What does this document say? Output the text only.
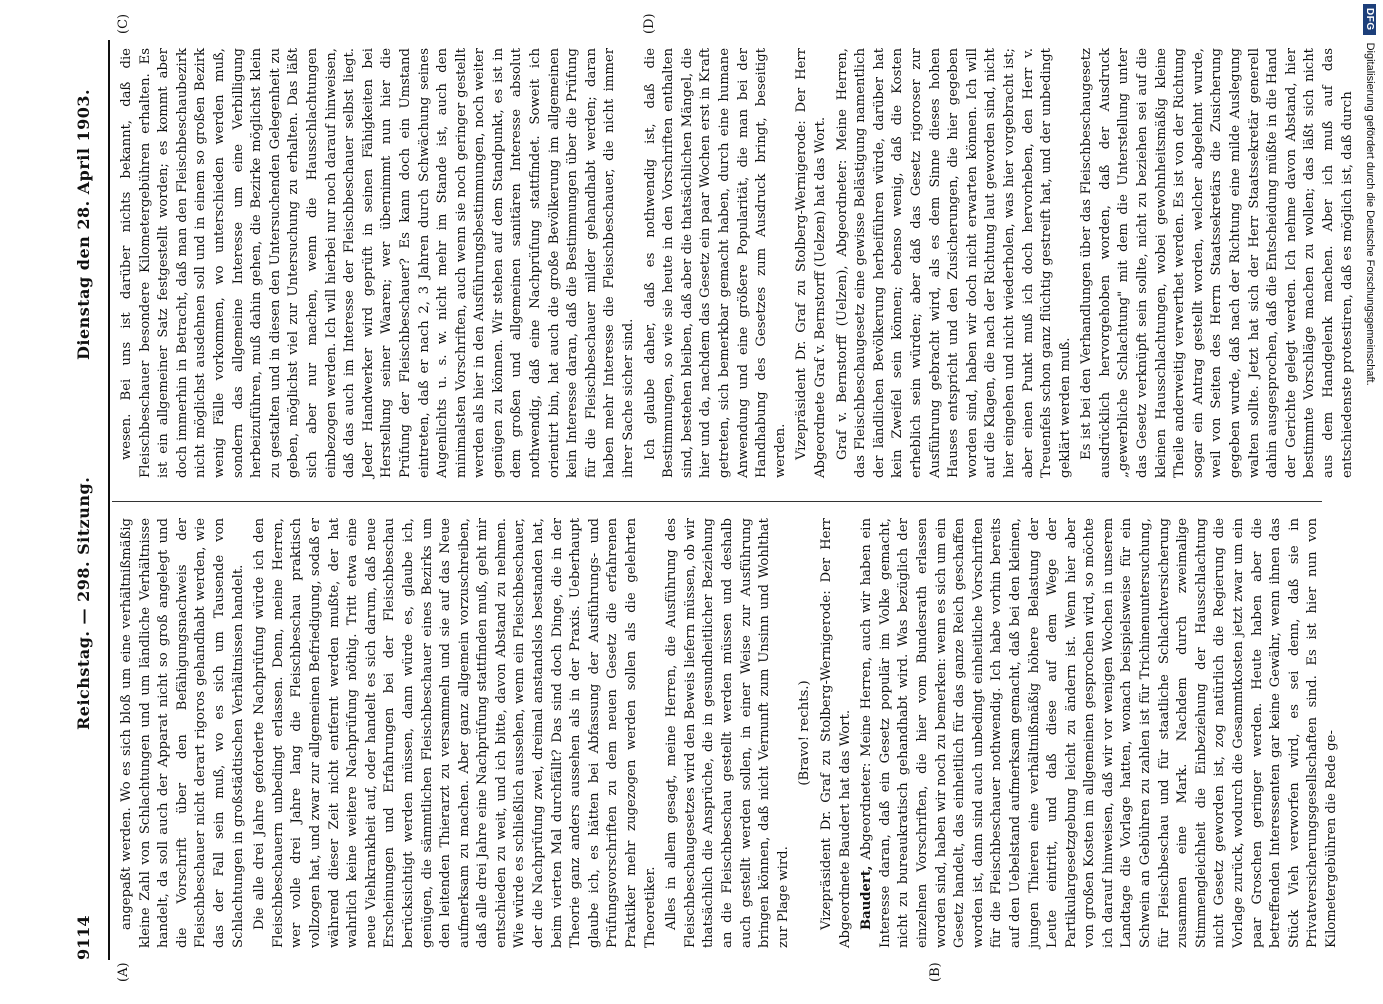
9114
Reichstag. — 298. Sitzung.
Dienstag den 28. April 1903.
(A)	(B)
(C)	(D)

angepaßt werden. Wo es sich bloß um eine verhältnißmäßig kleine Zahl von Schlachtungen und um ländliche Verhältnisse handelt, da soll auch der Apparat nicht so groß angelegt und die Vorschrift über den Befähigungsnachweis der Fleischbeschauer nicht derart rigoros gehandhabt werden, wie das der Fall sein muß, wo es sich um Tausende von Schlachtungen in großstädtischen Verhältnissen handelt. Die alle drei Jahre geforderte Nachprüfung würde ich den Fleischbeschauern unbedingt erlassen. Denn, meine Herren, wer volle drei Jahre lang die Fleischbeschau praktisch vollzogen hat, und zwar zur allgemeinen Befriedigung, sodaß er während dieser Zeit nicht entfernt werden mußte, der hat wahrlich keine weitere Nachprüfung nöthig. Tritt etwa eine neue Viehkrankheit auf, oder handelt es sich darum, daß neue Erscheinungen und Erfahrungen bei der Fleischbeschau berücksichtigt werden müssen, dann würde es, glaube ich, genügen, die sämmtlichen Fleischbeschauer eines Bezirks um den leitenden Thierarzt zu versammeln und sie auf das Neue aufmerksam zu machen. Aber ganz allgemein vorzuschreiben, daß alle drei Jahre eine Nachprüfung stattfinden muß, geht mir entschieden zu weit, und ich bitte, davon Abstand zu nehmen. Wie würde es schließlich aussehen, wenn ein Fleischbeschauer, der die Nachprüfung zwei, dreimal anstandslos bestanden hat, beim vierten Mal durchfällt? Das sind doch Dinge, die in der Theorie ganz anders aussehen als in der Praxis. Ueberhaupt glaube ich, es hätten bei Abfassung der Ausführungs- und Prüfungsvorschriften zu dem neuen Gesetz die erfahrenen Praktiker mehr zugezogen werden sollen als die gelehrten Theoretiker. Alles in allem gesagt, meine Herren, die Ausführung des Fleischbeschaugesetzes wird den Beweis liefern müssen, ob wir thatsächlich die Ansprüche, die in gesundheitlicher Beziehung an die Fleischbeschau gestellt werden müssen und deshalb auch gestellt werden sollen, in einer Weise zur Ausführung bringen können, daß nicht Vernunft zum Unsinn und Wohlthat zur Plage wird.

(Bravo! rechts.) Vizepräsident Dr. Graf zu Stolberg-Wernigerode: Der Herr Abgeordnete Baudert hat das Wort. Baudert, Abgeordneter: Meine Herren, auch wir haben ein Interesse daran, daß ein Gesetz populär im Volke gemacht, nicht zu bureaukratisch gehandhabt wird. Was bezüglich der einzelnen Vorschriften, die hier vom Bundesrath erlassen worden sind, haben wir noch zu bemerken: wenn es sich um ein Gesetz handelt, das einheitlich für das ganze Reich geschaffen worden ist, dann sind auch unbedingt einheitliche Vorschriften für die Fleischbeschauer nothwendig. Ich habe vorhin bereits auf den Uebelstand aufmerksam gemacht, daß bei den kleinen, jungen Thieren eine verhältnißmäßig höhere Belastung der Leute eintritt, und daß diese auf dem Wege der Partikulargesetzgebung leicht zu ändern ist. Wenn hier aber von großen Kosten im allgemeinen gesprochen wird, so möchte ich darauf hinweisen, daß wir vor wenigen Wochen in unserem Landtage die Vorlage hatten, wonach beispielsweise für ein Schwein an Gebühren zu zahlen ist für Trichinenuntersuchung, für Fleischbeschau und für staatliche Schlachtversicherung zusammen eine Mark. Nachdem durch zweimalige Stimmengleichheit die Einbeziehung der Hausschlachtung nicht Gesetz geworden ist, zog natürlich die Regierung die Vorlage zurück, wodurch die Gesammtkosten jetzt zwar um ein paar Groschen geringer werden. Heute haben aber die betreffenden Interessenten gar keine Gewähr, wenn ihnen das Stück Vieh verworfen wird, es sei denn, daß sie in Privatversicherungsgesellschaften sind. Es ist hier nun von Kilometergebühren die Rede ge-

wesen. Bei uns ist darüber nichts bekannt, daß die Fleischbeschauer besondere Kilometergebühren erhalten. Es ist ein allgemeiner Satz festgestellt worden; es kommt aber doch immerhin in Betracht, daß man den Fleischbeschaubezirk nicht möglichst ausdehnen soll und in einem so großen Bezirk wenig Fälle vorkommen, wo unterschieden werden muß, sondern das allgemeine Interesse um eine Verbilligung herbeizuführen, muß dahin gehen, die Bezirke möglichst klein zu gestalten und in diesen den Untersuchenden Gelegenheit zu geben, möglichst viel zur Untersuchung zu erhalten. Das läßt sich aber nur machen, wenn die Hausschlachtungen einbezogen werden. Ich will hierbei nur noch darauf hinweisen, daß das auch im Interesse der Fleischbeschauer selbst liegt. Jeder Handwerker wird geprüft in seinen Fähigkeiten bei Herstellung seiner Waaren; wer übernimmt nun hier die Prüfung der Fleischbeschauer? Es kann doch ein Umstand eintreten, daß er nach 2, 3 Jahren durch Schwächung seines Augenlichts u. s. w. nicht mehr im Stande ist, auch den minimalsten Vorschriften, auch wenn sie noch geringer gestellt werden als hier in den Ausführungsbestimmungen, noch weiter genügen zu können. Wir stehen auf dem Standpunkt, es ist in dem großen und allgemeinen sanitären Interesse absolut nothwendig, daß eine Nachprüfung stattfindet. Soweit ich orientirt bin, hat auch die große Bevölkerung im allgemeinen kein Interesse daran, daß die Bestimmungen über die Prüfung für die Fleischbeschauer milder gehandhabt werden; daran haben mehr Interesse die Fleischbeschauer, die nicht immer ihrer Sache sicher sind. Ich glaube daher, daß es nothwendig ist, daß die Bestimmungen, so wie sie heute in den Vorschriften enthalten sind, bestehen bleiben, daß aber die thatsächlichen Mängel, die hier und da, nachdem das Gesetz ein paar Wochen erst in Kraft getreten, sich bemerkbar gemacht haben, durch eine humane Anwendung und eine größere Popularität, die man bei der Handhabung des Gesetzes zum Ausdruck bringt, beseitigt werden. Vizepräsident Dr. Graf zu Stolberg-Wernigerode: Der Herr Abgeordnete Graf v. Bernstorff (Uelzen) hat das Wort. Graf v. Bernstorff (Uelzen), Abgeordneter: Meine Herren, das Fleischbeschaugesetz eine gewisse Belästigung namentlich der ländlichen Bevölkerung herbeiführen würde, darüber hat kein Zweifel sein können; ebenso wenig, daß die Kosten erheblich sein würden; aber daß das Gesetz rigoroser zur Ausführung gebracht wird, als es dem Sinne dieses hohen Hauses entspricht und den Zusicherungen, die hier gegeben worden sind, haben wir doch nicht erwarten können. Ich will auf die Klagen, die nach der Richtung laut geworden sind, nicht hier eingehen und nicht wiederholen, was hier vorgebracht ist; aber einen Punkt muß ich doch hervorheben, den Herr v. Treuenfels schon ganz flüchtig gestreift hat, und der unbedingt geklärt werden muß. Es ist bei den Verhandlungen über das Fleischbeschaugesetz ausdrücklich hervorgehoben worden, daß der Ausdruck „gewerbliche Schlachtung" mit dem die Unterstellung unter das Gesetz verknüpft sein sollte, nicht zu beziehen sei auf die kleinen Hausschlachtungen, wobei gewohnheitsmäßig kleine Theile anderweitig verwerthet werden. Es ist von der Richtung sogar ein Antrag gestellt worden, welcher abgelehnt wurde, weil von Seiten des Herrn Staatssekretärs die Zusicherung gegeben wurde, daß nach der Richtung eine milde Auslegung walten sollte. Jetzt hat sich der Herr Staatssekretär generell dahin ausgesprochen, daß die Entscheidung müßte in die Hand der Gerichte gelegt werden. Ich nehme davon Abstand, hier bestimmte Vorschläge machen zu wollen; das läßt sich nicht aus dem Handgelenk machen. Aber ich muß auf das entschiedenste protestiren, daß es möglich ist, daß durch

DFG
Digitalisierung gefördert durch die Deutsche Forschungsgemeinschaft.
